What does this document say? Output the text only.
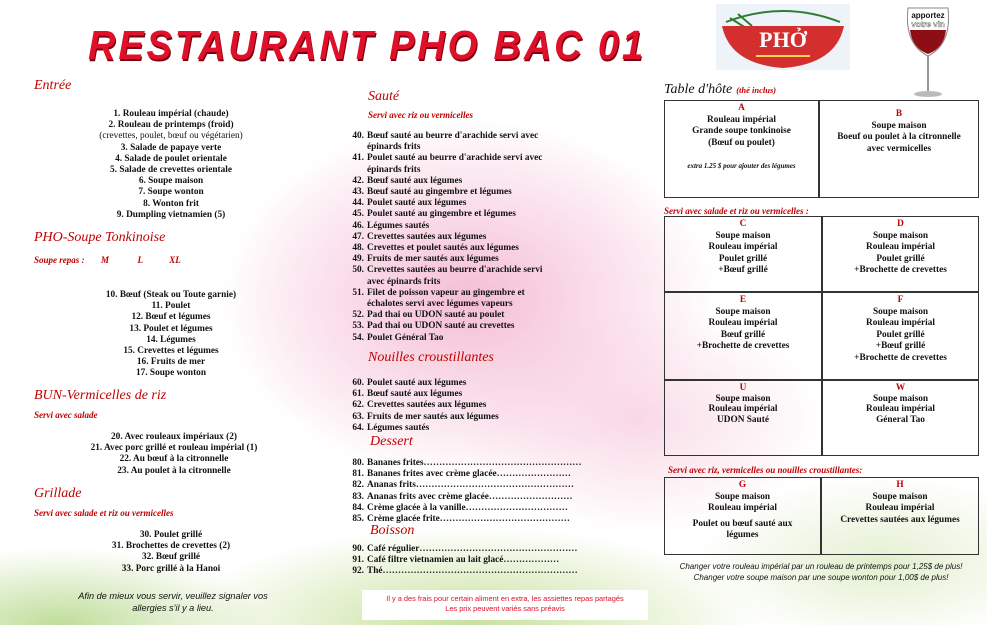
RESTAURANT PHO BAC 01	PHỞ
apportez
votre vin
Entrée
1. Rouleau impérial (chaude)
2. Rouleau de printemps (froid)
(crevettes, poulet, bœuf ou végétarien)
3. Salade de papaye verte
4. Salade de poulet orientale
5. Salade de crevettes orientale
6. Soupe maison
7. Soupe wonton
8. Wonton frit
9. Dumpling vietnamien (5)
PHO-Soupe Tonkinoise
Soupe repas : M	L	XL
10. Bœuf (Steak ou Toute garnie)
11. Poulet
12. Bœuf et légumes
13. Poulet et légumes
14. Légumes
15. Crevettes et légumes
16. Fruits de mer
17. Soupe wonton
BUN-Vermicelles de riz
Servi avec salade
20. Avec rouleaux impériaux (2)
21. Avec porc grillé et rouleau impérial (1)
22. Au bœuf à la citronnelle
23. Au poulet à la citronnelle
Grillade
Servi avec salade et riz ou vermicelles
30. Poulet grillé
31. Brochettes de crevettes (2)
32. Bœuf grillé
33. Porc grillé à la Hanoi
Afin de mieux vous servir, veuillez signaler vos
allergies s'il y a lieu.
Sauté
Servi avec riz ou vermicelles
40. Bœuf sauté au beurre d'arachide servi avec
épinards frits
41. Poulet sauté au beurre d'arachide servi avec
épinards frits
42. Bœuf sauté aux légumes
43. Bœuf sauté au gingembre et légumes
44. Poulet sauté aux légumes
45. Poulet sauté au gingembre et légumes
46. Légumes sautés
47. Crevettes sautées aux légumes
48. Crevettes et poulet sautés aux légumes
49. Fruits de mer sautés aux légumes
50. Crevettes sautées au beurre d'arachide servi
avec épinards frits
51. Filet de poisson vapeur au gingembre et
échalotes servi avec légumes vapeurs
52. Pad thai ou UDON sauté au poulet
53. Pad thai ou UDON sauté au crevettes
54. Poulet Général Tao
Nouilles croustillantes
60. Poulet sauté aux légumes
61. Bœuf sauté aux légumes
62. Crevettes sautées aux légumes
63. Fruits de mer sautés aux légumes
64. Légumes sautés
Dessert
80. Bananes frites……………………………………………
81. Bananes frites avec crème glacée……………………
82. Ananas frits……………………………………………
83. Ananas frits avec crème glacée………………………
84. Crème glacée à la vanille……………………………
85. Crème glacée frite……………………………………
Boisson
90. Café régulier……………………………………………
91. Café filtre vietnamien au lait glacé………………
92. Thé………………………………………………………
Il y a des frais pour certain aliment en extra, les assiettes repas partagés
Les prix peuvent variés sans préavis
Table d'hôte (thé inclus)
A
Rouleau impérial
Grande soupe tonkinoise
(Bœuf ou poulet)
extra 1.25 $ pour ajouter des légumes
B
Soupe maison
Boeuf ou poulet à la citronnelle
avec vermicelles
Servi avec salade et riz ou vermicelles :
C
Soupe maison
Rouleau impérial
Poulet grillé
+Bœuf grillé
D
Soupe maison
Rouleau impérial
Poulet grillé
+Brochette de crevettes
E
Soupe maison
Rouleau impérial
Bœuf grillé
+Brochette de crevettes
F
Soupe maison
Rouleau impérial
Poulet grillé
+Bœuf grillé
+Brochette de crevettes
U
Soupe maison
Rouleau impérial
UDON Sauté
W
Soupe maison
Rouleau impérial
Géneral Tao
Servi avec riz, vermicelles ou nouilles croustillantes:
G
Soupe maison
Rouleau impérial
Poulet ou bœuf sauté aux
légumes
H
Soupe maison
Rouleau impérial
Crevettes sautées aux légumes
Changer votre rouleau impérial par un rouleau de printemps pour 1,25$ de plus!
Changer votre soupe maison par une soupe wonton pour 1,00$ de plus!
